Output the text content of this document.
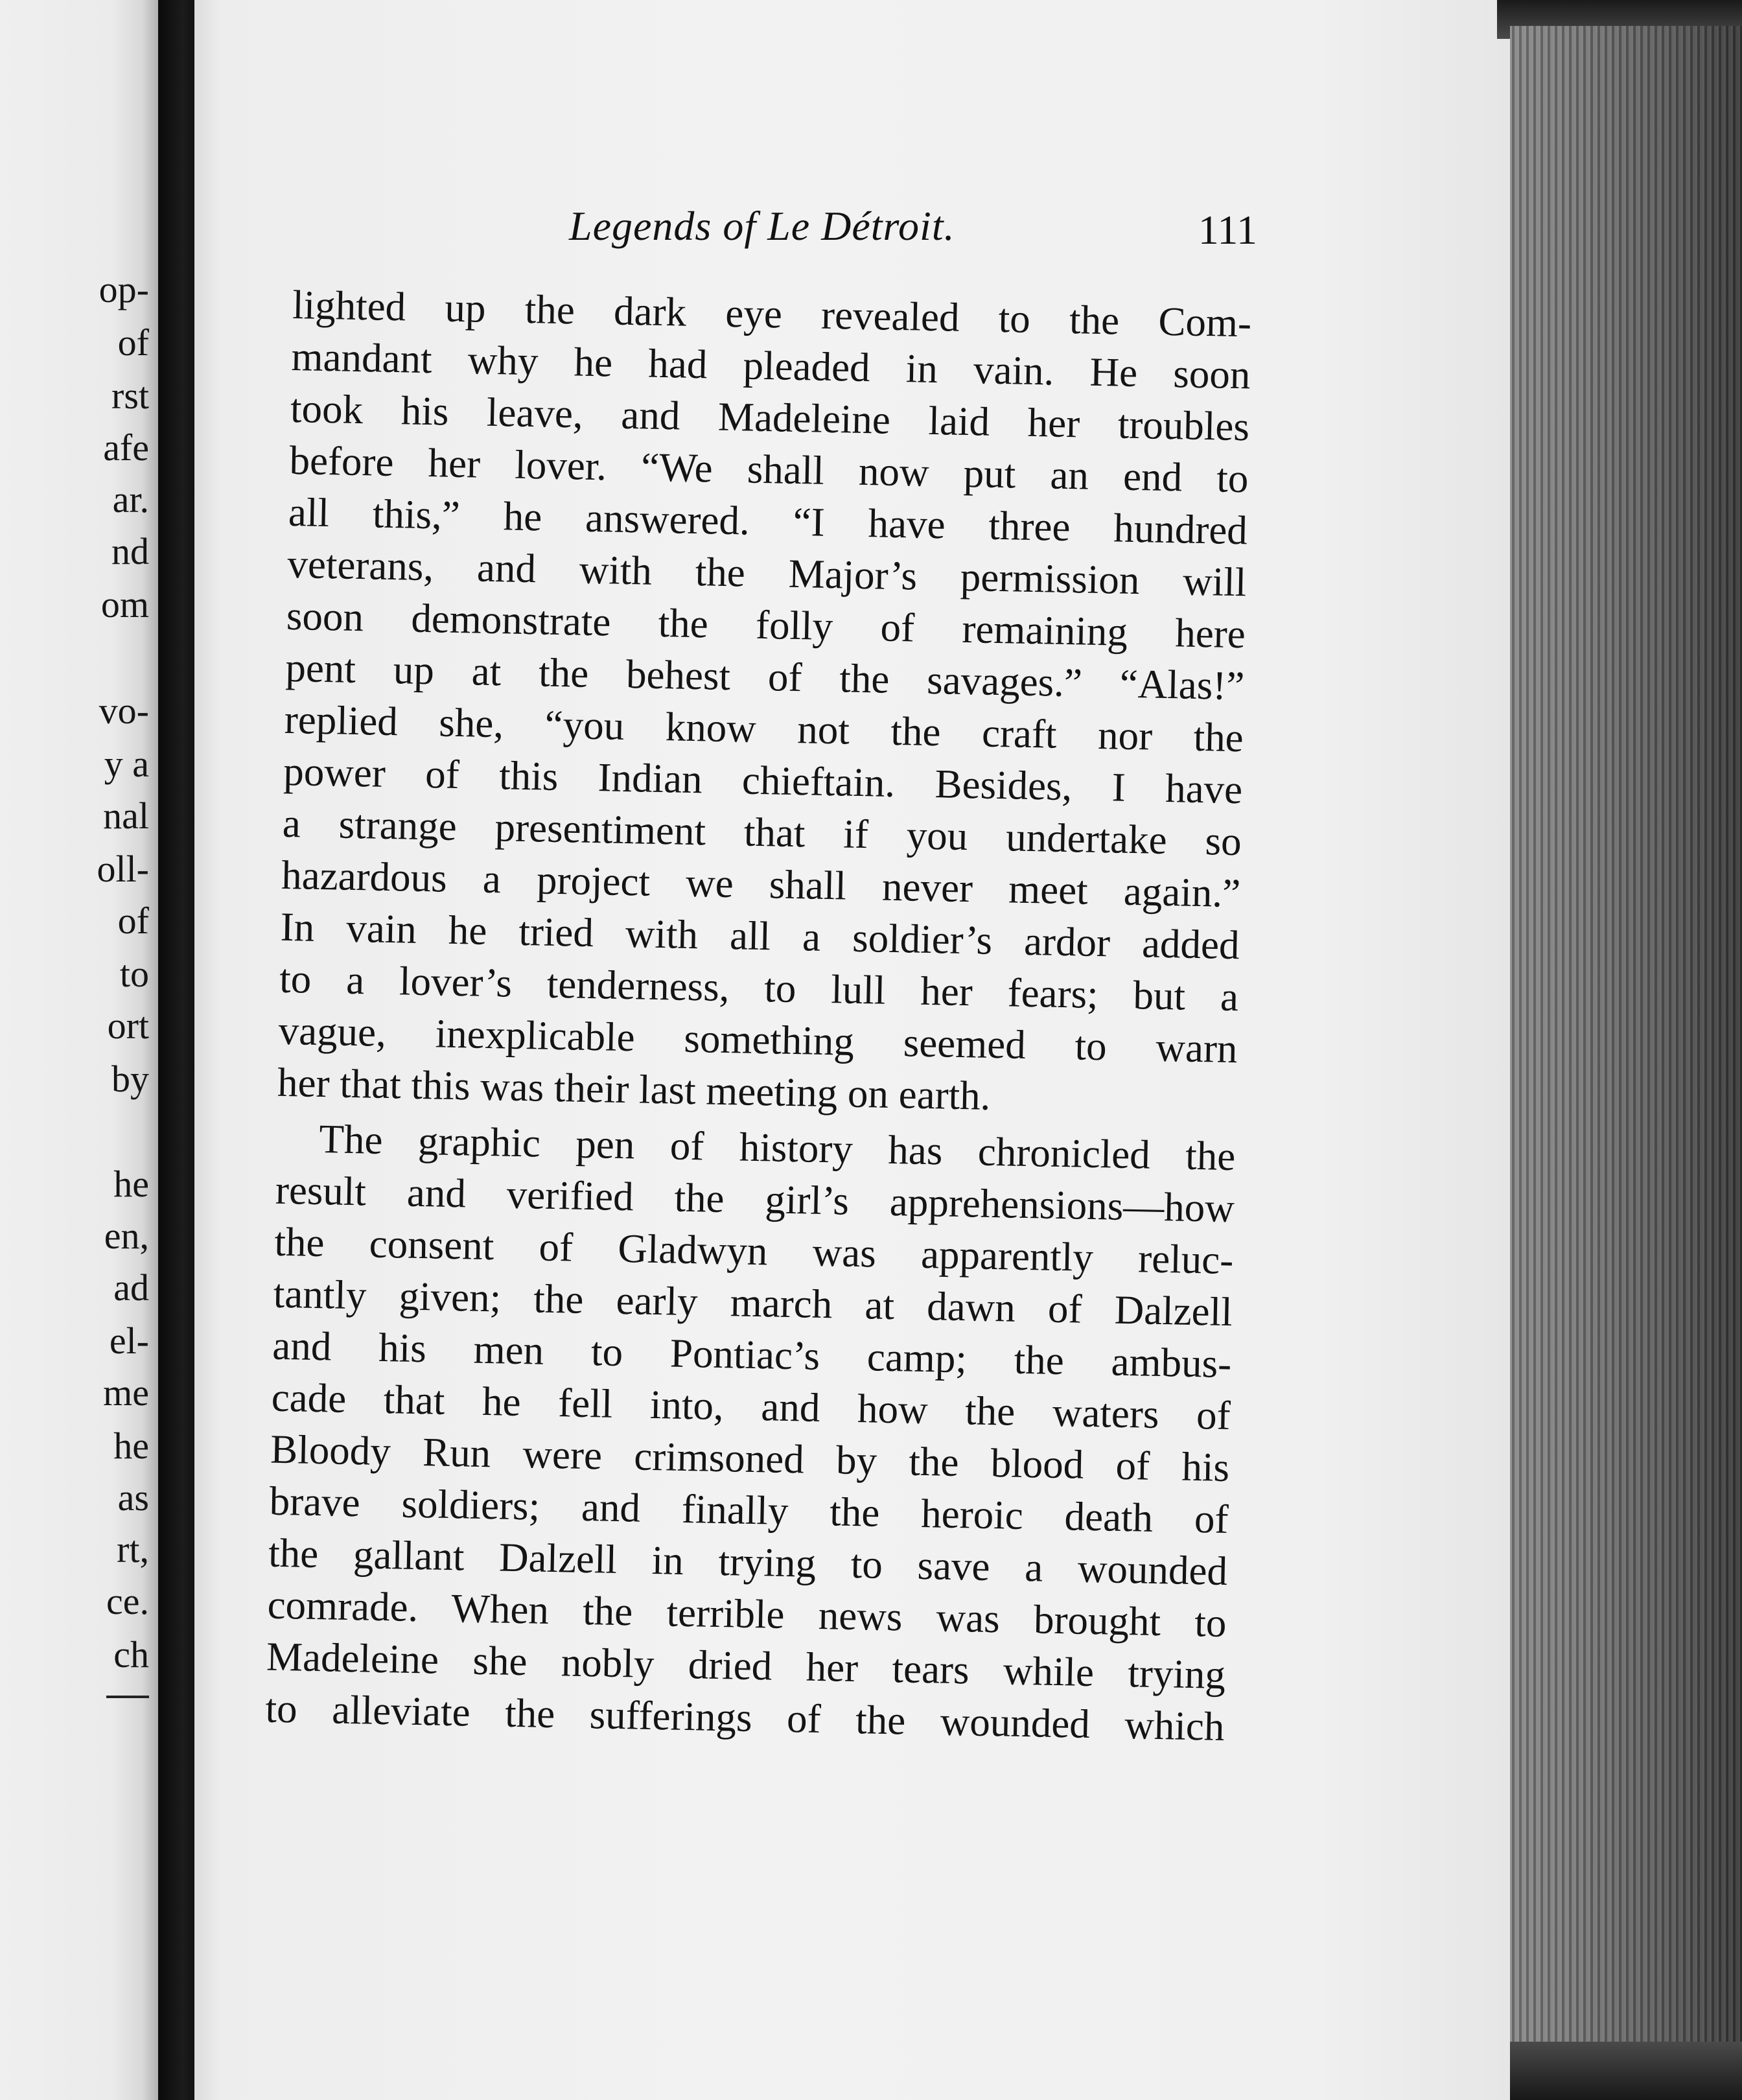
op-
of
rst
afe
ar.
nd
om
vo-
y a
nal
oll-
of
to
ort
by
he
en,
ad
el-
me
he
as
rt,
ce.
ch
Legends of Le Détroit.	111
lighted up the dark eye revealed to the Com-
mandant why he had pleaded in vain. He soon
took his leave, and Madeleine laid her troubles
before her lover. “We shall now put an end to
all this,” he answered. “I have three hundred
veterans, and with the Major’s permission will
soon demonstrate the folly of remaining here
pent up at the behest of the savages.” “Alas!”
replied she, “you know not the craft nor the
power of this Indian chieftain. Besides, I have
a strange presentiment that if you undertake so
hazardous a project we shall never meet again.”
In vain he tried with all a soldier’s ardor added
to a lover’s tenderness, to lull her fears; but a
vague, inexplicable something seemed to warn
her that this was their last meeting on earth.
The graphic pen of history has chronicled the
result and verified the girl’s apprehensions—how
the consent of Gladwyn was apparently reluc-
tantly given; the early march at dawn of Dalzell
and his men to Pontiac’s camp; the ambus-
cade that he fell into, and how the waters of
Bloody Run were crimsoned by the blood of his
brave soldiers; and finally the heroic death of
the gallant Dalzell in trying to save a wounded
comrade. When the terrible news was brought to
Madeleine she nobly dried her tears while trying
to alleviate the sufferings of the wounded which
